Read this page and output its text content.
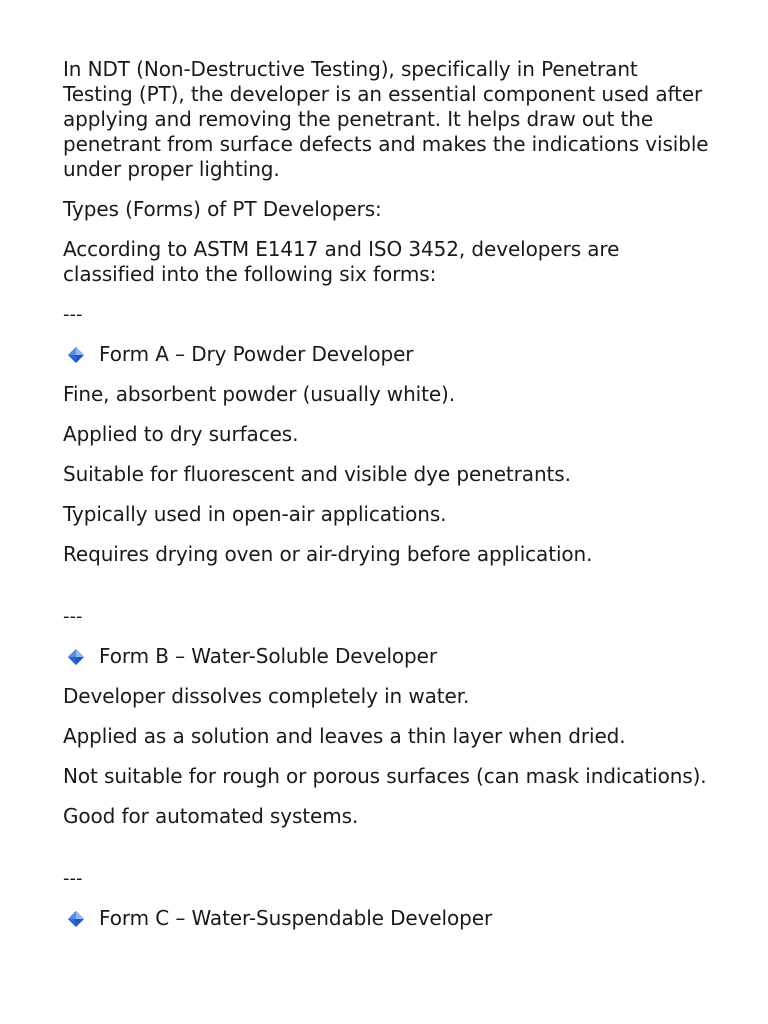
In NDT (Non-Destructive Testing), specifically in Penetrant Testing (PT), the developer is an essential component used after applying and removing the penetrant. It helps draw out the penetrant from surface defects and makes the indications visible under proper lighting.

Types (Forms) of PT Developers:

According to ASTM E1417 and ISO 3452, developers are classified into the following six forms:

---

Form A – Dry Powder Developer

Fine, absorbent powder (usually white).

Applied to dry surfaces.

Suitable for fluorescent and visible dye penetrants.

Typically used in open-air applications.

Requires drying oven or air-drying before application.

---

Form B – Water-Soluble Developer

Developer dissolves completely in water.

Applied as a solution and leaves a thin layer when dried.

Not suitable for rough or porous surfaces (can mask indications).

Good for automated systems.

---

Form C – Water-Suspendable Developer
